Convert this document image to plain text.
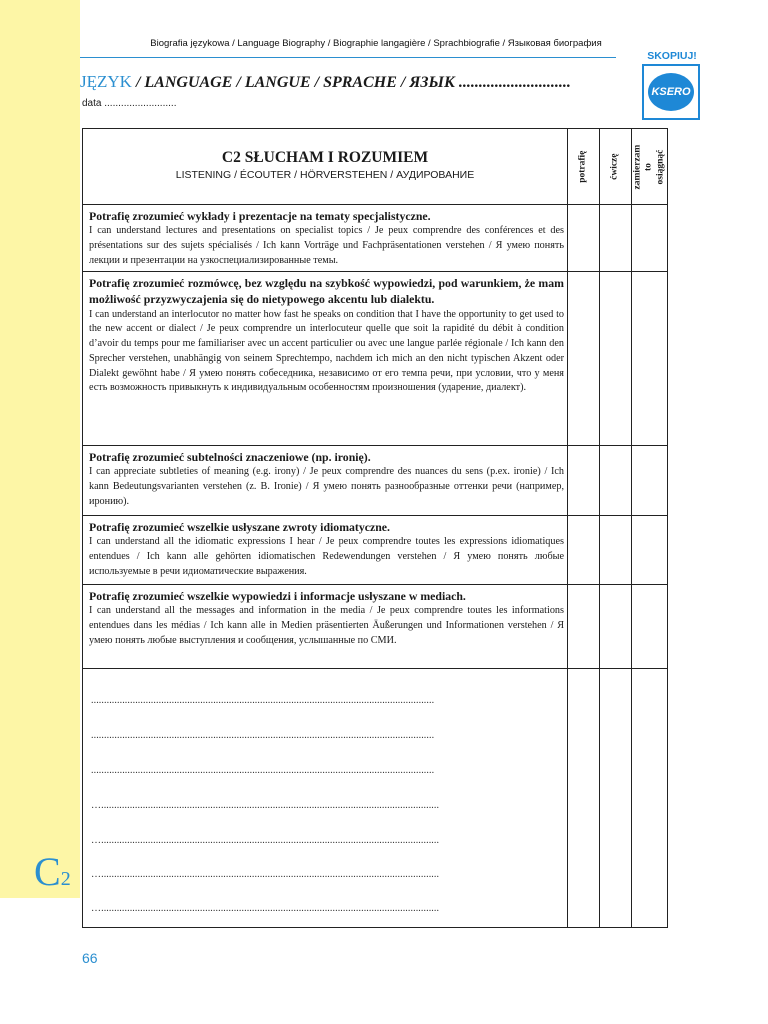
C2
Biografia językowa / Language Biography / Biographie langagière / Sprachbiografie / Языковая биография
JĘZYK / LANGUAGE / LANGUE / SPRACHE / ЯЗЫК ............................
data ..........................
SKOPIUJ!
KSERO
C2 SŁUCHAM I ROZUMIEM
LISTENING / ÉCOUTER / HÖRVERSTEHEN / АУДИРОВАНИЕ	potrafię ćwiczę zamierzam to osiągnąć
Potrafię zrozumieć wykłady i prezentacje na tematy specjalistyczne.
I can understand lectures and presentations on specialist topics / Je peux comprendre des conférences et des présentations sur des sujets spécialisés / Ich kann Vorträge und Fachpräsentationen verstehen / Я умею понять лекции и презентации на узкоспециализированные темы.
Potrafię zrozumieć rozmówcę, bez względu na szybkość wypowiedzi, pod warunkiem, że mam możliwość przyzwyczajenia się do nietypowego akcentu lub dialektu.
I can understand an interlocutor no matter how fast he speaks on condition that I have the opportunity to get used to the new accent or dialect / Je peux comprendre un interlocuteur quelle que soit la rapidité du débit à condition d’avoir du temps pour me familiariser avec un accent particulier ou avec une langue parlée régionale / Ich kann den Sprecher verstehen, unabhängig von seinem Sprechtempo, nachdem ich mich an den nicht typischen Akzent oder Dialekt gewöhnt habe / Я умею понять собеседника, независимо от его темпа речи, при условии, что у меня есть возможность привыкнуть к индивидуальным особенностям произношения (ударение, диалект).
Potrafię zrozumieć subtelności znaczeniowe (np. ironię).
I can appreciate subtleties of meaning (e.g. irony) / Je peux comprendre des nuances du sens (p.ex. ironie) / Ich kann Bedeutungsvarianten verstehen (z. B. Ironie) / Я умею понять разнообразные оттенки речи (например, иронию).
Potrafię zrozumieć wszelkie usłyszane zwroty idiomatyczne.
I can understand all the idiomatic expressions I hear / Je peux comprendre toutes les expressions idiomatiques entendues / Ich kann alle gehörten idiomatischen Redewendungen verstehen / Я умею понять любые используемые в речи идиоматические выражения.
Potrafię zrozumieć wszelkie wypowiedzi i informacje usłyszane w mediach.
I can understand all the messages and information in the media / Je peux comprendre toutes les informations entendues dans les médias / Ich kann alle in Medien präsentierten Äußerungen und Informationen verstehen / Я умею понять любые выступления и сообщения, услышанные по СМИ.
....................................................................................................................................
....................................................................................................................................
....................................................................................................................................
…..................................................................................................................................
…..................................................................................................................................
…..................................................................................................................................
…..................................................................................................................................
66
